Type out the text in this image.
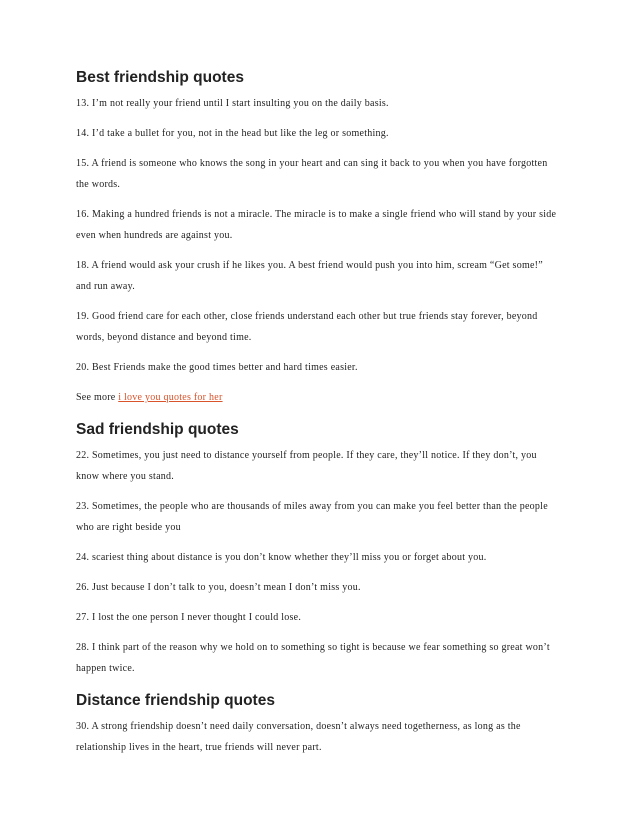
Best friendship quotes

13. I’m not really your friend until I start insulting you on the daily basis.

14. I’d take a bullet for you, not in the head but like the leg or something.

15. A friend is someone who knows the song in your heart and can sing it back to you when you have forgotten the words.

16. Making a hundred friends is not a miracle. The miracle is to make a single friend who will stand by your side even when hundreds are against you.

18. A friend would ask your crush if he likes you. A best friend would push you into him, scream “Get some!” and run away.

19. Good friend care for each other, close friends understand each other but true friends stay forever, beyond words, beyond distance and beyond time.

20. Best Friends make the good times better and hard times easier.

See more i love you quotes for her

Sad friendship quotes

22. Sometimes, you just need to distance yourself from people. If they care, they’ll notice. If they don’t, you know where you stand.

23. Sometimes, the people who are thousands of miles away from you can make you feel better than the people who are right beside you

24. scariest thing about distance is you don’t know whether they’ll miss you or forget about you.

26. Just because I don’t talk to you, doesn’t mean I don’t miss you.

27. I lost the one person I never thought I could lose.

28. I think part of the reason why we hold on to something so tight is because we fear something so great won’t happen twice.

Distance friendship quotes

30. A strong friendship doesn’t need daily conversation, doesn’t always need togetherness, as long as the relationship lives in the heart, true friends will never part.
